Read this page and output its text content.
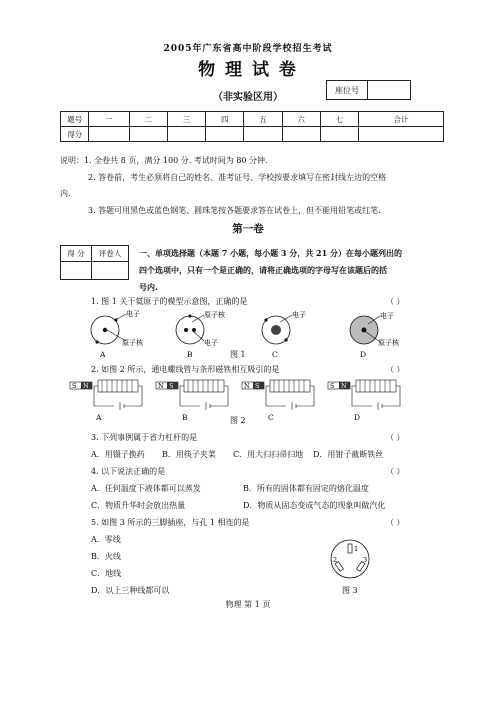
2005年广东省高中阶段学校招生考试
物 理 试 卷
（非实验区用）
座位号	
题号	一	二	三	四	五	六	七	合计
得分								
说明：1. 全卷共 8 页，满分 100 分. 考试时间为 80 分钟.
2. 答卷前，考生必须将自己的姓名、准考证号、学校按要求填写在密封线左边的空格
内.
3. 答题可用黑色或蓝色钢笔、圆珠笔按各题要求答在试卷上，但不能用铅笔或红笔.
第一卷
得 分	评卷人
	一、单项选择题（本题 7 小题，每小题 3 分，共 21 分）在每小题列出的
四个选项中，只有一个是正确的，请将正确选项的字母写在该题后的括
号内.
1. 图 1 关于氦原子的模型示意图，正确的是	（ ）
电子
原子核
A
原子核
电子
B
电子
C
电子
原子核
D
图 1
2. 如图 2 所示，通电螺线管与条形磁铁相互吸引的是	（ ）
S N
A
N S
B
N S
C
S N
D
图 2
3. 下列事例属于省力杠杆的是	（ ）
A．用镊子换药 B．用筷子夹菜 C．用大扫扫帚扫地 D．用钳子截断铁丝
4. 以下说法正确的是	（ ）
A．任何温度下液体都可以蒸发	B．所有的固体都有固定的熔化温度
C．物质升华时会放出热量	D．物质从固态变成气态的现象叫做汽化
5. 如图 3 所示的三脚插座，与孔 1 相连的是	（ ）
A．零线
B．火线
C．地线
D．以上三种线都可以
1
2	3
图 3
物理 第 1 页
